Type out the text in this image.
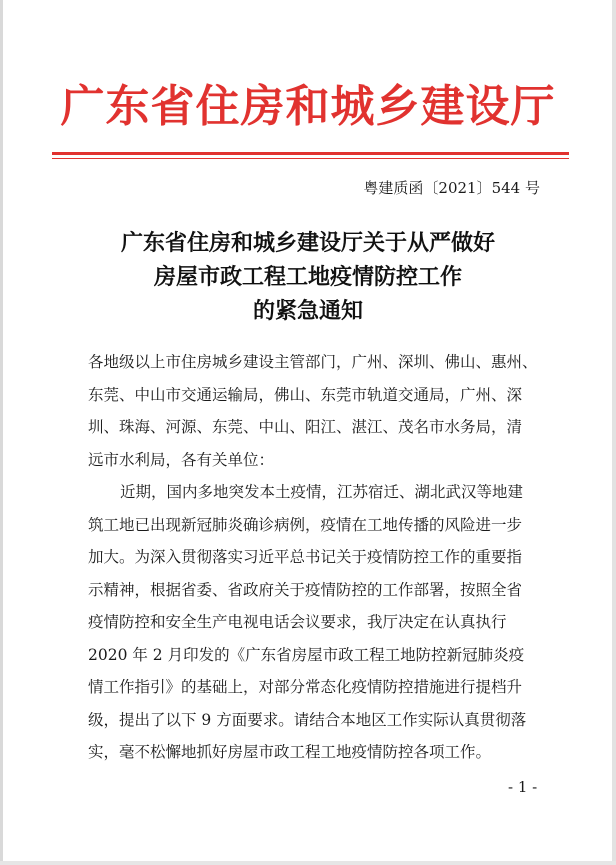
广东省住房和城乡建设厅
粤建质函〔2021〕544 号
广东省住房和城乡建设厅关于从严做好
房屋市政工程工地疫情防控工作
的紧急通知

各地级以上市住房城乡建设主管部门，广州、深圳、佛山、惠州、
东莞、中山市交通运输局，佛山、东莞市轨道交通局，广州、深
圳、珠海、河源、东莞、中山、阳江、湛江、茂名市水务局，清
远市水利局，各有关单位：

近期，国内多地突发本土疫情，江苏宿迁、湖北武汉等地建
筑工地已出现新冠肺炎确诊病例，疫情在工地传播的风险进一步
加大。为深入贯彻落实习近平总书记关于疫情防控工作的重要指
示精神，根据省委、省政府关于疫情防控的工作部署，按照全省
疫情防控和安全生产电视电话会议要求，我厅决定在认真执行
2020 年 2 月印发的《广东省房屋市政工程工地防控新冠肺炎疫
情工作指引》的基础上，对部分常态化疫情防控措施进行提档升
级，提出了以下 9 方面要求。请结合本地区工作实际认真贯彻落
实，毫不松懈地抓好房屋市政工程工地疫情防控各项工作。

- 1 -
